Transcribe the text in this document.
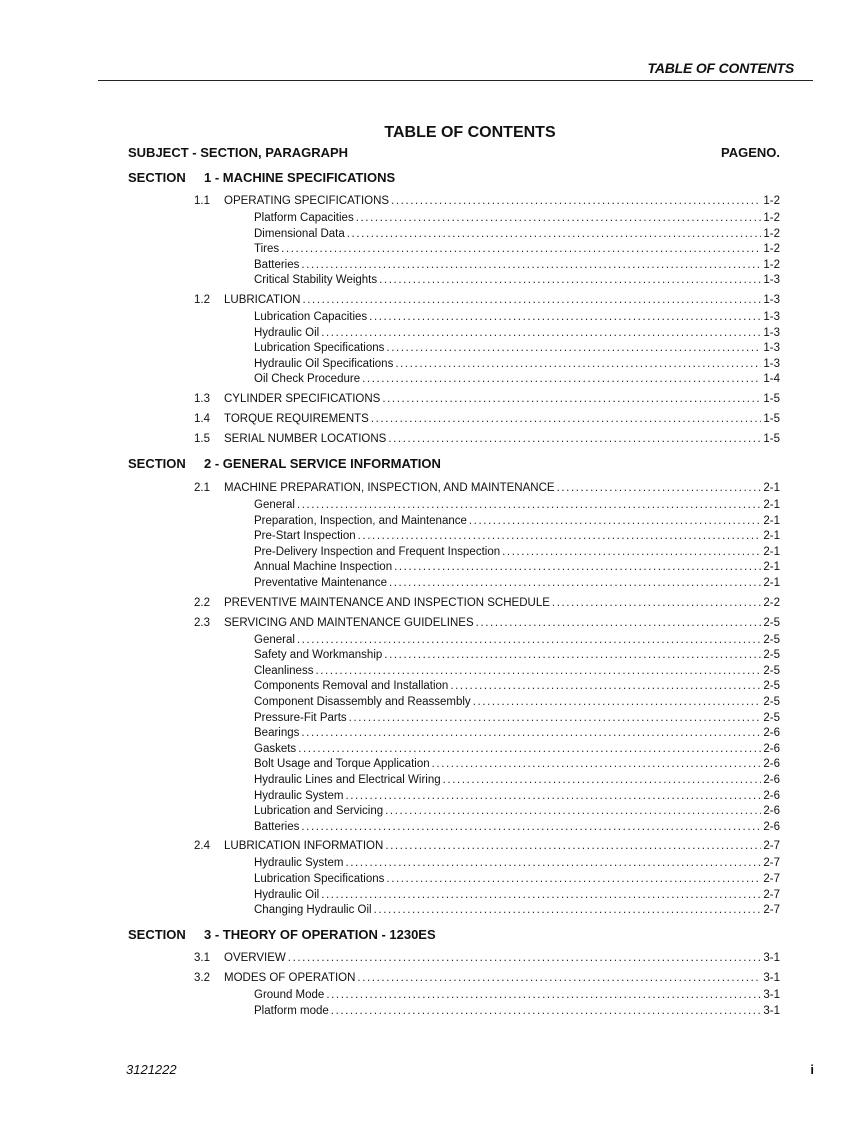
TABLE OF CONTENTS
TABLE OF CONTENTS
SUBJECT - SECTION, PARAGRAPH	PAGENO.
SECTION 1 - MACHINE SPECIFICATIONS
1.1 OPERATING SPECIFICATIONS .....	1-2
Platform Capacities .....	1-2
Dimensional Data .....	1-2
Tires .....	1-2
Batteries .....	1-2
Critical Stability Weights .....	1-3
1.2 LUBRICATION .....	1-3
Lubrication Capacities .....	1-3
Hydraulic Oil .....	1-3
Lubrication Specifications .....	1-3
Hydraulic Oil Specifications .....	1-3
Oil Check Procedure .....	1-4
1.3 CYLINDER SPECIFICATIONS .....	1-5
1.4 TORQUE REQUIREMENTS .....	1-5
1.5 SERIAL NUMBER LOCATIONS .....	1-5
SECTION 2 - GENERAL SERVICE INFORMATION
2.1 MACHINE PREPARATION, INSPECTION, AND MAINTENANCE .....	2-1
General .....	2-1
Preparation, Inspection, and Maintenance .....	2-1
Pre-Start Inspection .....	2-1
Pre-Delivery Inspection and Frequent Inspection .....	2-1
Annual Machine Inspection .....	2-1
Preventative Maintenance .....	2-1
2.2 PREVENTIVE MAINTENANCE AND INSPECTION SCHEDULE .....	2-2
2.3 SERVICING AND MAINTENANCE GUIDELINES .....	2-5
General .....	2-5
Safety and Workmanship .....	2-5
Cleanliness .....	2-5
Components Removal and Installation .....	2-5
Component Disassembly and Reassembly .....	2-5
Pressure-Fit Parts .....	2-5
Bearings .....	2-6
Gaskets .....	2-6
Bolt Usage and Torque Application .....	2-6
Hydraulic Lines and Electrical Wiring .....	2-6
Hydraulic System .....	2-6
Lubrication and Servicing .....	2-6
Batteries .....	2-6
2.4 LUBRICATION INFORMATION .....	2-7
Hydraulic System .....	2-7
Lubrication Specifications .....	2-7
Hydraulic Oil .....	2-7
Changing Hydraulic Oil .....	2-7
SECTION 3 - THEORY OF OPERATION - 1230ES
3.1 OVERVIEW .....	3-1
3.2 MODES OF OPERATION .....	3-1
Ground Mode .....	3-1
Platform mode .....	3-1
3121222	i
